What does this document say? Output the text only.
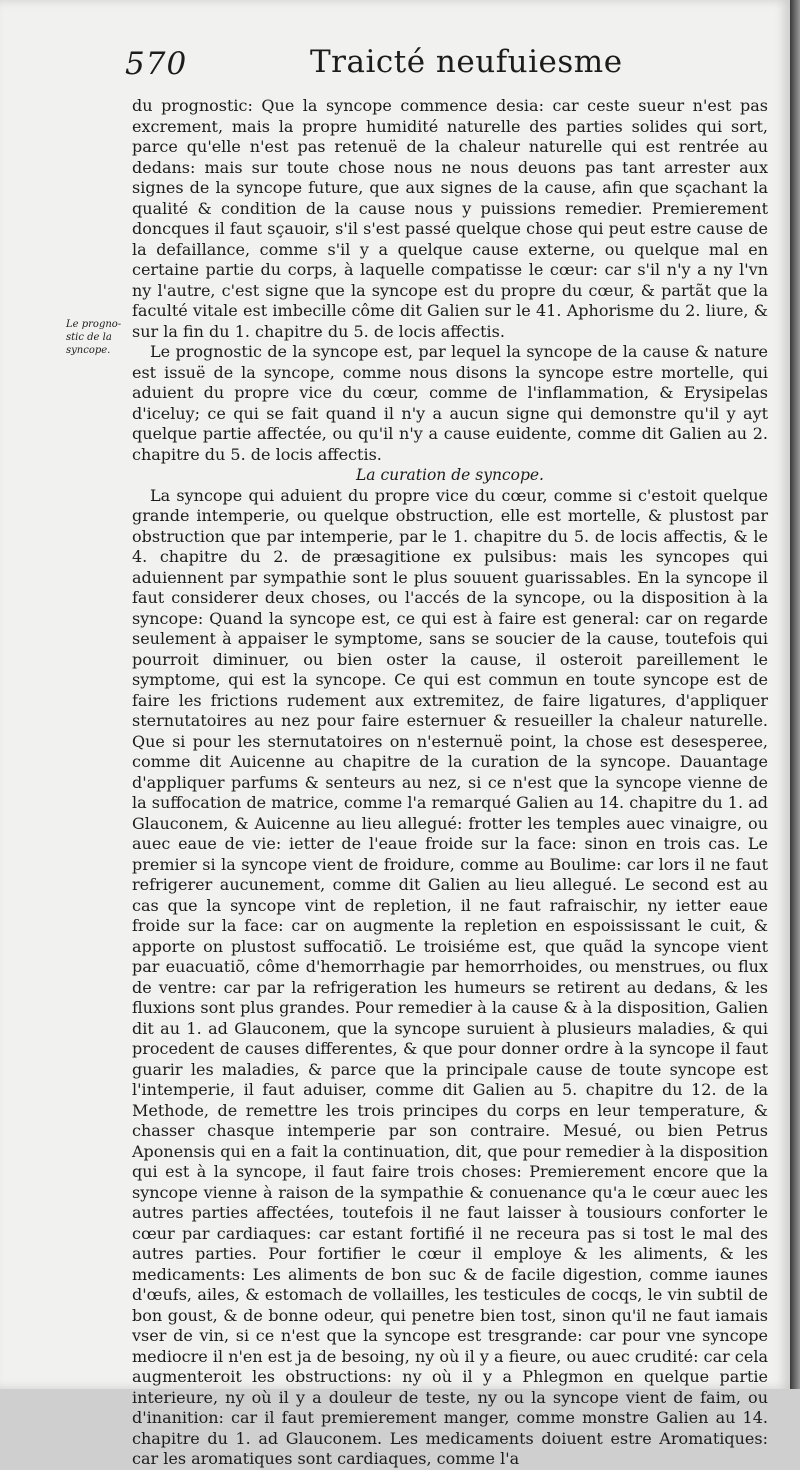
570	Traicté neufuiesme
Le progno-stic de la syncope.

du prognostic: Que la syncope commence desia: car ceste sueur n'est pas excrement, mais la propre humidité naturelle des parties solides qui sort, parce qu'elle n'est pas retenuë de la chaleur naturelle qui est rentrée au dedans: mais sur toute chose nous ne nous deuons pas tant arrester aux signes de la syncope future, que aux signes de la cause, afin que sçachant la qualité & condition de la cause nous y puissions remedier. Premierement doncques il faut sçauoir, s'il s'est passé quelque chose qui peut estre cause de la defaillance, comme s'il y a quelque cause externe, ou quelque mal en certaine partie du corps, à laquelle compatisse le cœur: car s'il n'y a ny l'vn ny l'autre, c'est signe que la syncope est du propre du cœur, & partãt que la faculté vitale est imbecille côme dit Galien sur le 41. Aphorisme du 2. liure, & sur la fin du 1. chapitre du 5. de locis affectis.

Le prognostic de la syncope est, par lequel la syncope de la cause & nature est issuë de la syncope, comme nous disons la syncope estre mortelle, qui aduient du propre vice du cœur, comme de l'inflammation, & Erysipelas d'iceluy; ce qui se fait quand il n'y a aucun signe qui demonstre qu'il y ayt quelque partie affectée, ou qu'il n'y a cause euidente, comme dit Galien au 2. chapitre du 5. de locis affectis.

La curation de syncope.

La syncope qui aduient du propre vice du cœur, comme si c'estoit quelque grande intemperie, ou quelque obstruction, elle est mortelle, & plustost par obstruction que par intemperie, par le 1. chapitre du 5. de locis affectis, & le 4. chapitre du 2. de præsagitione ex pulsibus: mais les syncopes qui aduiennent par sympathie sont le plus souuent guarissables. En la syncope il faut considerer deux choses, ou l'accés de la syncope, ou la disposition à la syncope: Quand la syncope est, ce qui est à faire est general: car on regarde seulement à appaiser le symptome, sans se soucier de la cause, toutefois qui pourroit diminuer, ou bien oster la cause, il osteroit pareillement le symptome, qui est la syncope. Ce qui est commun en toute syncope est de faire les frictions rudement aux extremitez, de faire ligatures, d'appliquer sternutatoires au nez pour faire esternuer & resueiller la chaleur naturelle. Que si pour les sternutatoires on n'esternuë point, la chose est desesperee, comme dit Auicenne au chapitre de la curation de la syncope. Dauantage d'appliquer parfums & senteurs au nez, si ce n'est que la syncope vienne de la suffocation de matrice, comme l'a remarqué Galien au 14. chapitre du 1. ad Glauconem, & Auicenne au lieu allegué: frotter les temples auec vinaigre, ou auec eaue de vie: ietter de l'eaue froide sur la face: sinon en trois cas. Le premier si la syncope vient de froidure, comme au Boulime: car lors il ne faut refrigerer aucunement, comme dit Galien au lieu allegué. Le second est au cas que la syncope vint de repletion, il ne faut rafraischir, ny ietter eaue froide sur la face: car on augmente la repletion en espoississant le cuit, & apporte on plustost suffocatiõ. Le troisiéme est, que quãd la syncope vient par euacuatiõ, côme d'hemorrhagie par hemorrhoides, ou menstrues, ou flux de ventre: car par la refrigeration les humeurs se retirent au dedans, & les fluxions sont plus grandes. Pour remedier à la cause & à la disposition, Galien dit au 1. ad Glauconem, que la syncope suruient à plusieurs maladies, & qui procedent de causes differentes, & que pour donner ordre à la syncope il faut guarir les maladies, & parce que la principale cause de toute syncope est l'intemperie, il faut aduiser, comme dit Galien au 5. chapitre du 12. de la Methode, de remettre les trois principes du corps en leur temperature, & chasser chasque intemperie par son contraire. Mesué, ou bien Petrus Aponensis qui en a fait la continuation, dit, que pour remedier à la disposition qui est à la syncope, il faut faire trois choses: Premierement encore que la syncope vienne à raison de la sympathie & conuenance qu'a le cœur auec les autres parties affectées, toutefois il ne faut laisser à tousiours conforter le cœur par cardiaques: car estant fortifié il ne receura pas si tost le mal des autres parties. Pour fortifier le cœur il employe & les aliments, & les medicaments: Les aliments de bon suc & de facile digestion, comme iaunes d'œufs, ailes, & estomach de vollailles, les testicules de cocqs, le vin subtil de bon goust, & de bonne odeur, qui penetre bien tost, sinon qu'il ne faut iamais vser de vin, si ce n'est que la syncope est tresgrande: car pour vne syncope mediocre il n'en est ja de besoing, ny où il y a fieure, ou auec crudité: car cela augmenteroit les obstructions: ny où il y a Phlegmon en quelque partie interieure, ny où il y a douleur de teste, ny ou la syncope vient de faim, ou d'inanition: car il faut premierement manger, comme monstre Galien au 14. chapitre du 1. ad Glauconem. Les medicaments doiuent estre Aromatiques: car les aromatiques sont cardiaques, comme l'a
